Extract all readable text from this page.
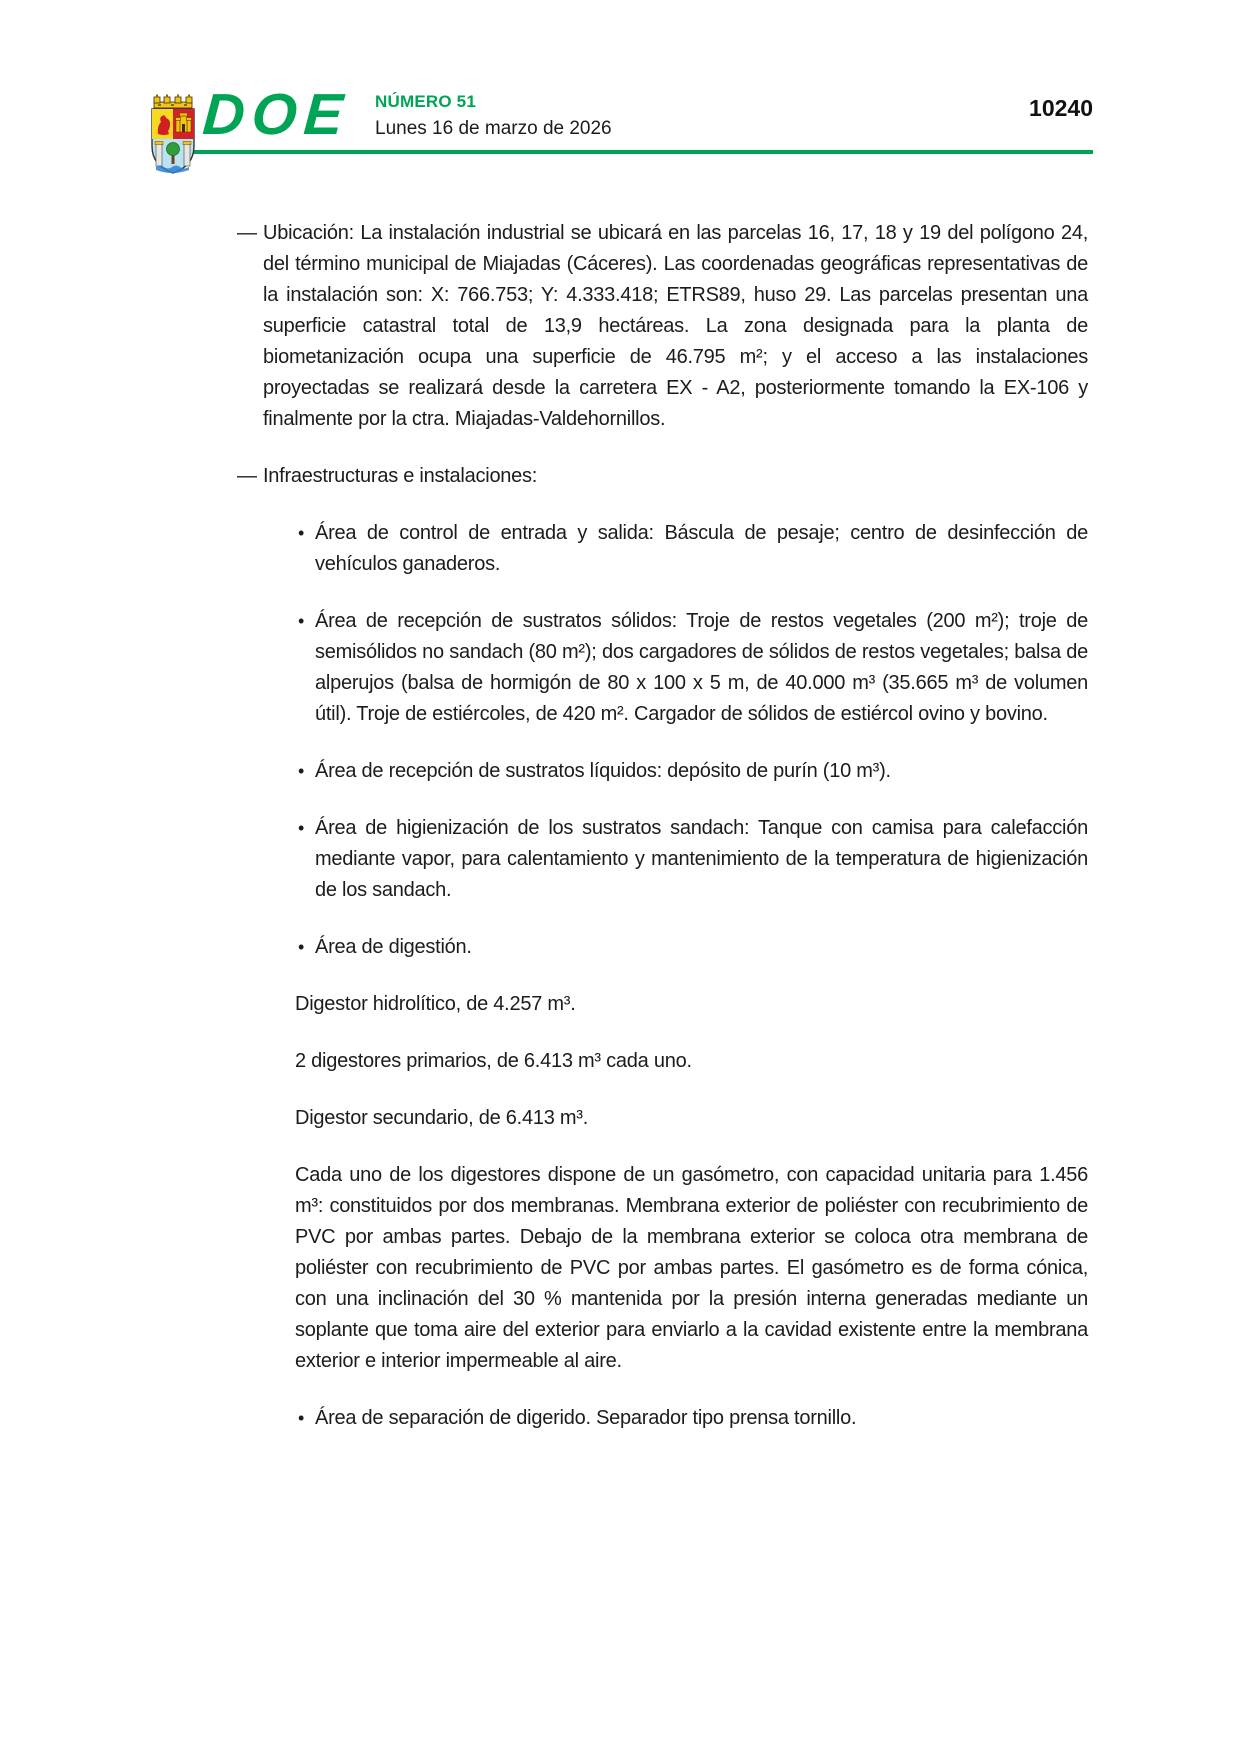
DOE NÚMERO 51
Lunes 16 de marzo de 2026
10240
— Ubicación: La instalación industrial se ubicará en las parcelas 16, 17, 18 y 19 del polígono 24, del término municipal de Miajadas (Cáceres). Las coordenadas geográficas representativas de la instalación son: X: 766.753; Y: 4.333.418; ETRS89, huso 29. Las parcelas presentan una superficie catastral total de 13,9 hectáreas. La zona designada para la planta de biometanización ocupa una superficie de 46.795 m²; y el acceso a las instalaciones proyectadas se realizará desde la carretera EX - A2, posteriormente tomando la EX-106 y finalmente por la ctra. Miajadas-Valdehornillos.
— Infraestructuras e instalaciones:
• Área de control de entrada y salida: Báscula de pesaje; centro de desinfección de vehículos ganaderos.
• Área de recepción de sustratos sólidos: Troje de restos vegetales (200 m²); troje de semisólidos no sandach (80 m²); dos cargadores de sólidos de restos vegetales; balsa de alperujos (balsa de hormigón de 80 x 100 x 5 m, de 40.000 m³ (35.665 m³ de volumen útil). Troje de estiércoles, de 420 m². Cargador de sólidos de estiércol ovino y bovino.
• Área de recepción de sustratos líquidos: depósito de purín (10 m³).
• Área de higienización de los sustratos sandach: Tanque con camisa para calefacción mediante vapor, para calentamiento y mantenimiento de la temperatura de higienización de los sandach.
• Área de digestión.
Digestor hidrolítico, de 4.257 m³.
2 digestores primarios, de 6.413 m³ cada uno.
Digestor secundario, de 6.413 m³.
Cada uno de los digestores dispone de un gasómetro, con capacidad unitaria para 1.456 m³: constituidos por dos membranas. Membrana exterior de poliéster con recubrimiento de PVC por ambas partes. Debajo de la membrana exterior se coloca otra membrana de poliéster con recubrimiento de PVC por ambas partes. El gasómetro es de forma cónica, con una inclinación del 30 % mantenida por la presión interna generadas mediante un soplante que toma aire del exterior para enviarlo a la cavidad existente entre la membrana exterior e interior impermeable al aire.
• Área de separación de digerido. Separador tipo prensa tornillo.
